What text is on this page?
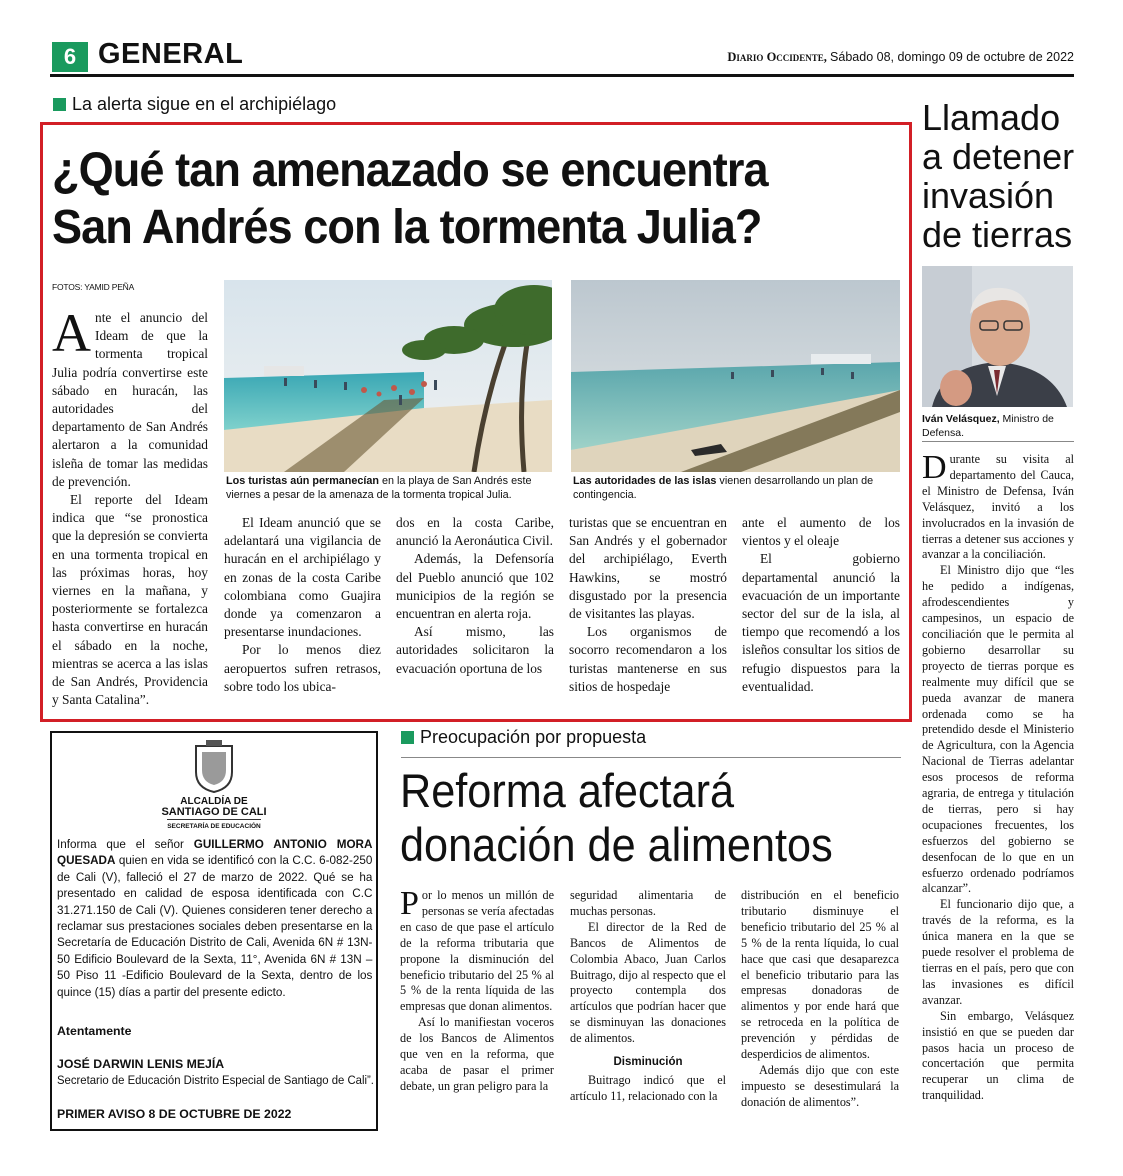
6 GENERAL	Diario Occidente, Sábado 08, domingo 09 de octubre de 2022
La alerta sigue en el archipiélago
¿Qué tan amenazado se encuentra San Andrés con la tormenta Julia?
FOTOS: YAMID PEÑA

Ante el anuncio del Ideam de que la tormenta tropical Julia podría convertirse este sábado en huracán, las autoridades del departamento de San Andrés alertaron a la comunidad isleña de tomar las medidas de prevención.

El reporte del Ideam indica que “se pronostica que la depresión se convierta en una tormenta tropical en las próximas horas, hoy viernes en la mañana, y posteriormente se fortalezca hasta convertirse en huracán el sábado en la noche, mientras se acerca a las islas de San Andrés, Providencia y Santa Catalina”.

Los turistas aún permanecían en la playa de San Andrés este viernes a pesar de la amenaza de la tormenta tropical Julia.
Las autoridades de las islas vienen desarrollando un plan de contingencia.

El Ideam anunció que se adelantará una vigilancia de huracán en el archipiélago y en zonas de la costa Caribe colombiana como Guajira donde ya comenzaron a presentarse inundaciones.

Por lo menos diez aeropuertos sufren retrasos, sobre todo los ubica-

dos en la costa Caribe, anunció la Aeronáutica Civil.

Además, la Defensoría del Pueblo anunció que 102 municipios de la región se encuentran en alerta roja.

Así mismo, las autoridades solicitaron la evacuación oportuna de los

turistas que se encuentran en San Andrés y el gobernador del archipiélago, Everth Hawkins, se mostró disgustado por la presencia de visitantes las playas.

Los organismos de socorro recomendaron a los turistas mantenerse en sus sitios de hospedaje

ante el aumento de los vientos y el oleaje

El gobierno departamental anunció la evacuación de un importante sector del sur de la isla, al tiempo que recomendó a los isleños consultar los sitios de refugio dispuestos para la eventualidad.

Llamado
a detener
invasión
de tierras
Iván Velásquez, Ministro de Defensa.

Durante su visita al departamento del Cauca, el Ministro de Defensa, Iván Velásquez, invitó a los involucrados en la invasión de tierras a detener sus acciones y avanzar a la conciliación.

El Ministro dijo que “les he pedido a indígenas, afrodescendientes y campesinos, un espacio de conciliación que le permita al gobierno desarrollar su proyecto de tierras porque es realmente muy difícil que se pueda avanzar de manera ordenada como se ha pretendido desde el Ministerio de Agricultura, con la Agencia Nacional de Tierras adelantar esos procesos de reforma agraria, de entrega y titulación de tierras, pero si hay ocupaciones frecuentes, los esfuerzos del gobierno se desenfocan de lo que en un esfuerzo ordenado podríamos alcanzar”.

El funcionario dijo que, a través de la reforma, es la única manera en la que se puede resolver el problema de tierras en el país, pero que con las invasiones es difícil avanzar.

Sin embargo, Velásquez insistió en que se pueden dar pasos hacia un proceso de concertación que permita recuperar un clima de tranquilidad.

ALCALDÍA DE
SANTIAGO DE CALI
SECRETARÍA DE EDUCACIÓN
Informa que el señor GUILLERMO ANTONIO MORA QUESADA quien en vida se identificó con la C.C. 6-082-250 de Cali (V), falleció el 27 de marzo de 2022. Qué se ha presentado en calidad de esposa identificada con C.C 31.271.150 de Cali (V). Quienes consideren tener derecho a reclamar sus prestaciones sociales deben presentarse en la Secretaría de Educación Distrito de Cali, Avenida 6N # 13N-50 Edificio Boulevard de la Sexta, 11°, Avenida 6N # 13N – 50 Piso 11 -Edificio Boulevard de la Sexta, dentro de los quince (15) días a partir del presente edicto.
Atentamente
JOSÉ DARWIN LENIS MEJÍA
Secretario de Educación Distrito Especial de Santiago de Cali”.
PRIMER AVISO 8 DE OCTUBRE DE 2022
Preocupación por propuesta
Reforma afectará
donación de alimentos

Por lo menos un millón de personas se vería afectadas en caso de que pase el artículo de la reforma tributaria que propone la disminución del beneficio tributario del 25 % al 5 % de la renta líquida de las empresas que donan alimentos.

Así lo manifiestan voceros de los Bancos de Alimentos que ven en la reforma, que acaba de pasar el primer debate, un gran peligro para la

seguridad alimentaria de muchas personas.

El director de la Red de Bancos de Alimentos de Colombia Abaco, Juan Carlos Buitrago, dijo al respecto que el proyecto contempla dos artículos que podrían hacer que se disminuyan las donaciones de alimentos.

Disminución

Buitrago indicó que el artículo 11, relacionado con la

distribución en el beneficio tributario disminuye el beneficio tributario del 25 % al 5 % de la renta líquida, lo cual hace que casi que desaparezca el beneficio tributario para las empresas donadoras de alimentos y por ende hará que se retroceda en la política de prevención y pérdidas de desperdicios de alimentos.

Además dijo que con este impuesto se desestimulará la donación de alimentos”.
